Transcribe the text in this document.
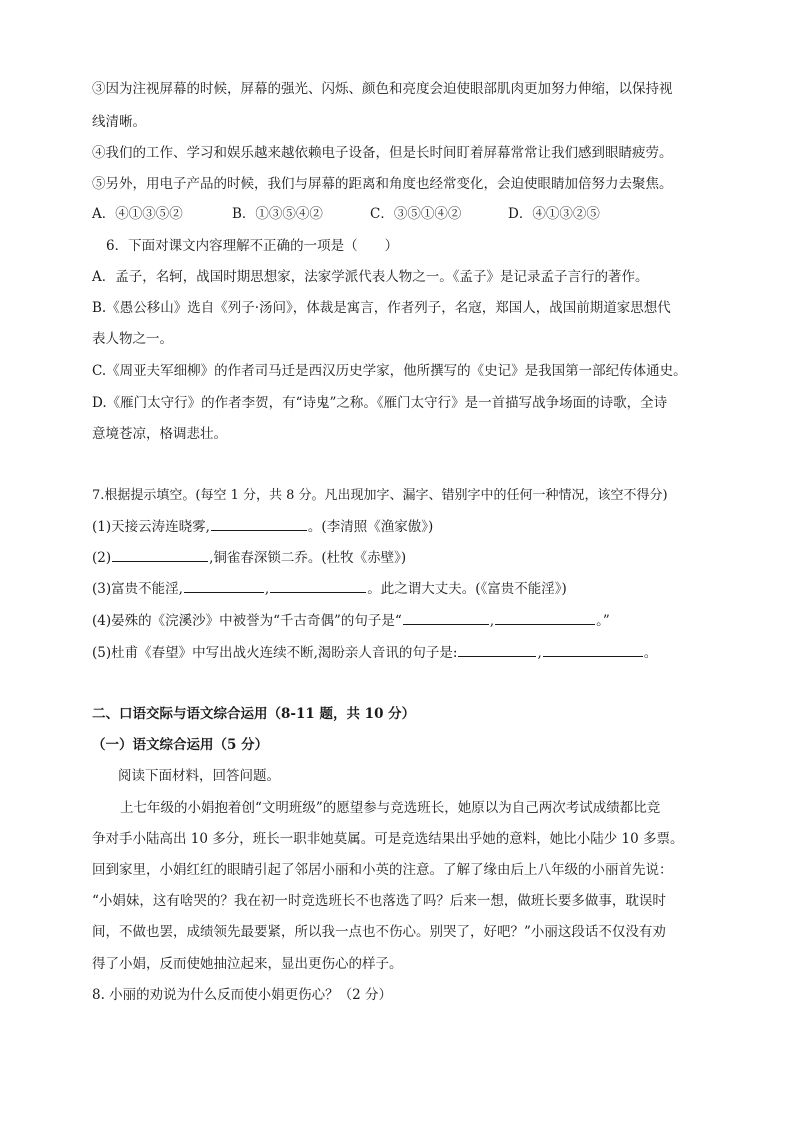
③因为注视屏幕的时候，屏幕的强光、闪烁、颜色和亮度会迫使眼部肌肉更加努力伸缩，以保持视
线清晰。
④我们的工作、学习和娱乐越来越依赖电子设备，但是长时间盯着屏幕常常让我们感到眼睛疲劳。
⑤另外，用电子产品的时候，我们与屏幕的距离和角度也经常变化，会迫使眼睛加倍努力去聚焦。
A．④①③⑤②	B．①③⑤④②	C．③⑤①④②	D．④①③②⑤
6．下面对课文内容理解不正确的一项是（　　）
A．孟子，名轲，战国时期思想家，法家学派代表人物之一。《孟子》是记录孟子言行的著作。
B.《愚公移山》选自《列子·汤问》，体裁是寓言，作者列子，名寇，郑国人，战国前期道家思想代
表人物之一。
C.《周亚夫军细柳》的作者司马迁是西汉历史学家，他所撰写的《史记》是我国第一部纪传体通史。
D.《雁门太守行》的作者李贺，有“诗鬼”之称。《雁门太守行》是一首描写战争场面的诗歌，全诗
意境苍凉，格调悲壮。
7.根据提示填空。(每空 1 分，共 8 分。凡出现加字、漏字、错别字中的任何一种情况，该空不得分)
(1)天接云涛连晓雾,	。(李清照《渔家傲》)
(2)	,铜雀春深锁二乔。(杜牧《赤壁》)
(3)富贵不能淫,	,	。此之谓大丈夫。(《富贵不能淫》)
(4)晏殊的《浣溪沙》中被誉为“千古奇偶”的句子是“	,	。”
(5)杜甫《春望》中写出战火连续不断,渴盼亲人音讯的句子是:	,	。
二、口语交际与语文综合运用（8-11 题，共 10 分）
（一）语文综合运用（5 分）
阅读下面材料，回答问题。
上七年级的小娟抱着创“文明班级”的愿望参与竞选班长，她原以为自己两次考试成绩都比竞
争对手小陆高出 10 多分，班长一职非她莫属。可是竞选结果出乎她的意料，她比小陆少 10 多票。
回到家里，小娟红红的眼睛引起了邻居小丽和小英的注意。了解了缘由后上八年级的小丽首先说：
“小娟妹，这有啥哭的？我在初一时竞选班长不也落选了吗？后来一想，做班长要多做事，耽误时
间，不做也罢，成绩领先最要紧，所以我一点也不伤心。别哭了，好吧？”小丽这段话不仅没有劝
得了小娟，反而使她抽泣起来，显出更伤心的样子。
8. 小丽的劝说为什么反而使小娟更伤心？（2 分）
